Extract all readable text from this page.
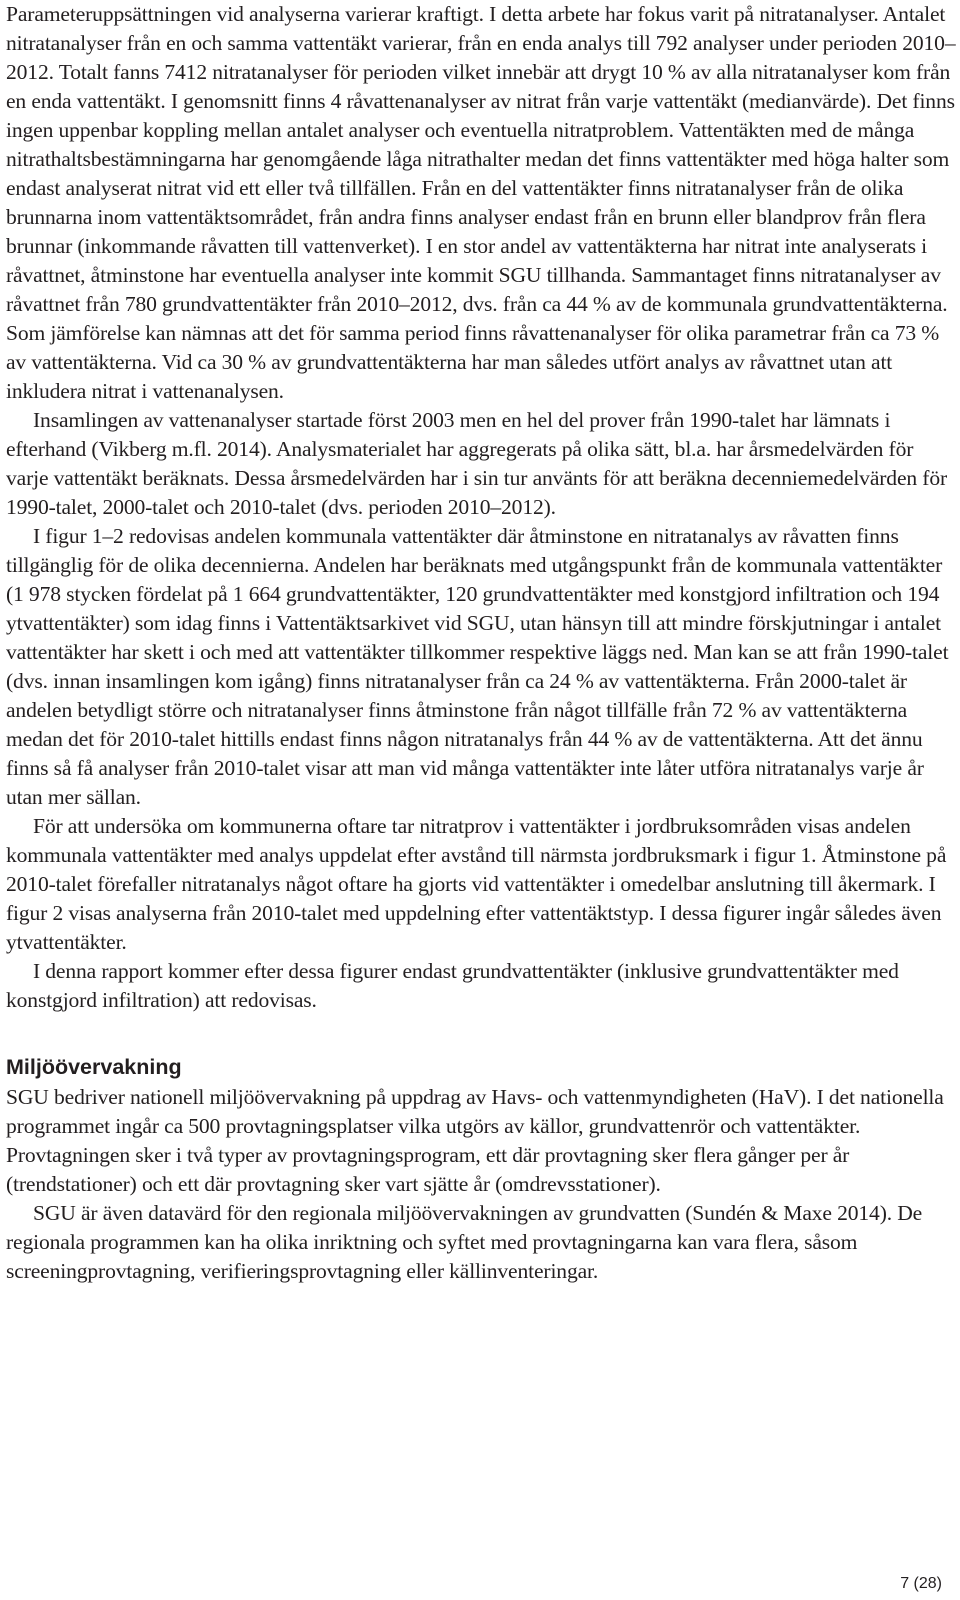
Parameteruppsättningen vid analyserna varierar kraftigt. I detta arbete har fokus varit på nitratanalyser. Antalet nitratanalyser från en och samma vattentäkt varierar, från en enda analys till 792 analyser under perioden 2010–2012. Totalt fanns 7412 nitratanalyser för perioden vilket innebär att drygt 10 % av alla nitratanalyser kom från en enda vattentäkt. I genomsnitt finns 4 råvattenanalyser av nitrat från varje vattentäkt (medianvärde). Det finns ingen uppenbar koppling mellan antalet analyser och eventuella nitratproblem. Vattentäkten med de många nitrathaltsbestämningarna har genomgående låga nitrathalter medan det finns vattentäkter med höga halter som endast analyserat nitrat vid ett eller två tillfällen. Från en del vattentäkter finns nitratanalyser från de olika brunnarna inom vattentäktsområdet, från andra finns analyser endast från en brunn eller blandprov från flera brunnar (inkommande råvatten till vattenverket). I en stor andel av vattentäkterna har nitrat inte analyserats i råvattnet, åtminstone har eventuella analyser inte kommit SGU tillhanda. Sammantaget finns nitratanalyser av råvattnet från 780 grundvattentäkter från 2010–2012, dvs. från ca 44 % av de kommunala grundvattentäkterna. Som jämförelse kan nämnas att det för samma period finns råvattenanalyser för olika parametrar från ca 73 % av vattentäkterna. Vid ca 30 % av grundvattentäkterna har man således utfört analys av råvattnet utan att inkludera nitrat i vattenanalysen.

Insamlingen av vattenanalyser startade först 2003 men en hel del prover från 1990-talet har lämnats i efterhand (Vikberg m.fl. 2014). Analysmaterialet har aggregerats på olika sätt, bl.a. har årsmedelvärden för varje vattentäkt beräknats. Dessa årsmedelvärden har i sin tur använts för att beräkna decenniemedelvärden för 1990-talet, 2000-talet och 2010-talet (dvs. perioden 2010–2012).

I figur 1–2 redovisas andelen kommunala vattentäkter där åtminstone en nitratanalys av råvatten finns tillgänglig för de olika decennierna. Andelen har beräknats med utgångspunkt från de kommunala vattentäkter (1 978 stycken fördelat på 1 664 grundvattentäkter, 120 grundvattentäkter med konstgjord infiltration och 194 ytvattentäkter) som idag finns i Vattentäktsarkivet vid SGU, utan hänsyn till att mindre förskjutningar i antalet vattentäkter har skett i och med att vattentäkter tillkommer respektive läggs ned. Man kan se att från 1990-talet (dvs. innan insamlingen kom igång) finns nitratanalyser från ca 24 % av vattentäkterna. Från 2000-talet är andelen betydligt större och nitratanalyser finns åtminstone från något tillfälle från 72 % av vattentäkterna medan det för 2010-talet hittills endast finns någon nitratanalys från 44 % av de vattentäkterna. Att det ännu finns så få analyser från 2010-talet visar att man vid många vattentäkter inte låter utföra nitratanalys varje år utan mer sällan.

För att undersöka om kommunerna oftare tar nitratprov i vattentäkter i jordbruksområden visas andelen kommunala vattentäkter med analys uppdelat efter avstånd till närmsta jordbruksmark i figur 1. Åtminstone på 2010-talet förefaller nitratanalys något oftare ha gjorts vid vattentäkter i omedelbar anslutning till åkermark. I figur 2 visas analyserna från 2010-talet med uppdelning efter vattentäktstyp. I dessa figurer ingår således även ytvattentäkter.

I denna rapport kommer efter dessa figurer endast grundvattentäkter (inklusive grundvattentäkter med konstgjord infiltration) att redovisas.

Miljöövervakning

SGU bedriver nationell miljöövervakning på uppdrag av Havs- och vattenmyndigheten (HaV). I det nationella programmet ingår ca 500 provtagningsplatser vilka utgörs av källor, grundvattenrör och vattentäkter. Provtagningen sker i två typer av provtagningsprogram, ett där provtagning sker flera gånger per år (trendstationer) och ett där provtagning sker vart sjätte år (omdrevsstationer).

SGU är även datavärd för den regionala miljöövervakningen av grundvatten (Sundén & Maxe 2014). De regionala programmen kan ha olika inriktning och syftet med provtagningarna kan vara flera, såsom screeningprovtagning, verifieringsprovtagning eller källinventeringar.

7 (28)
